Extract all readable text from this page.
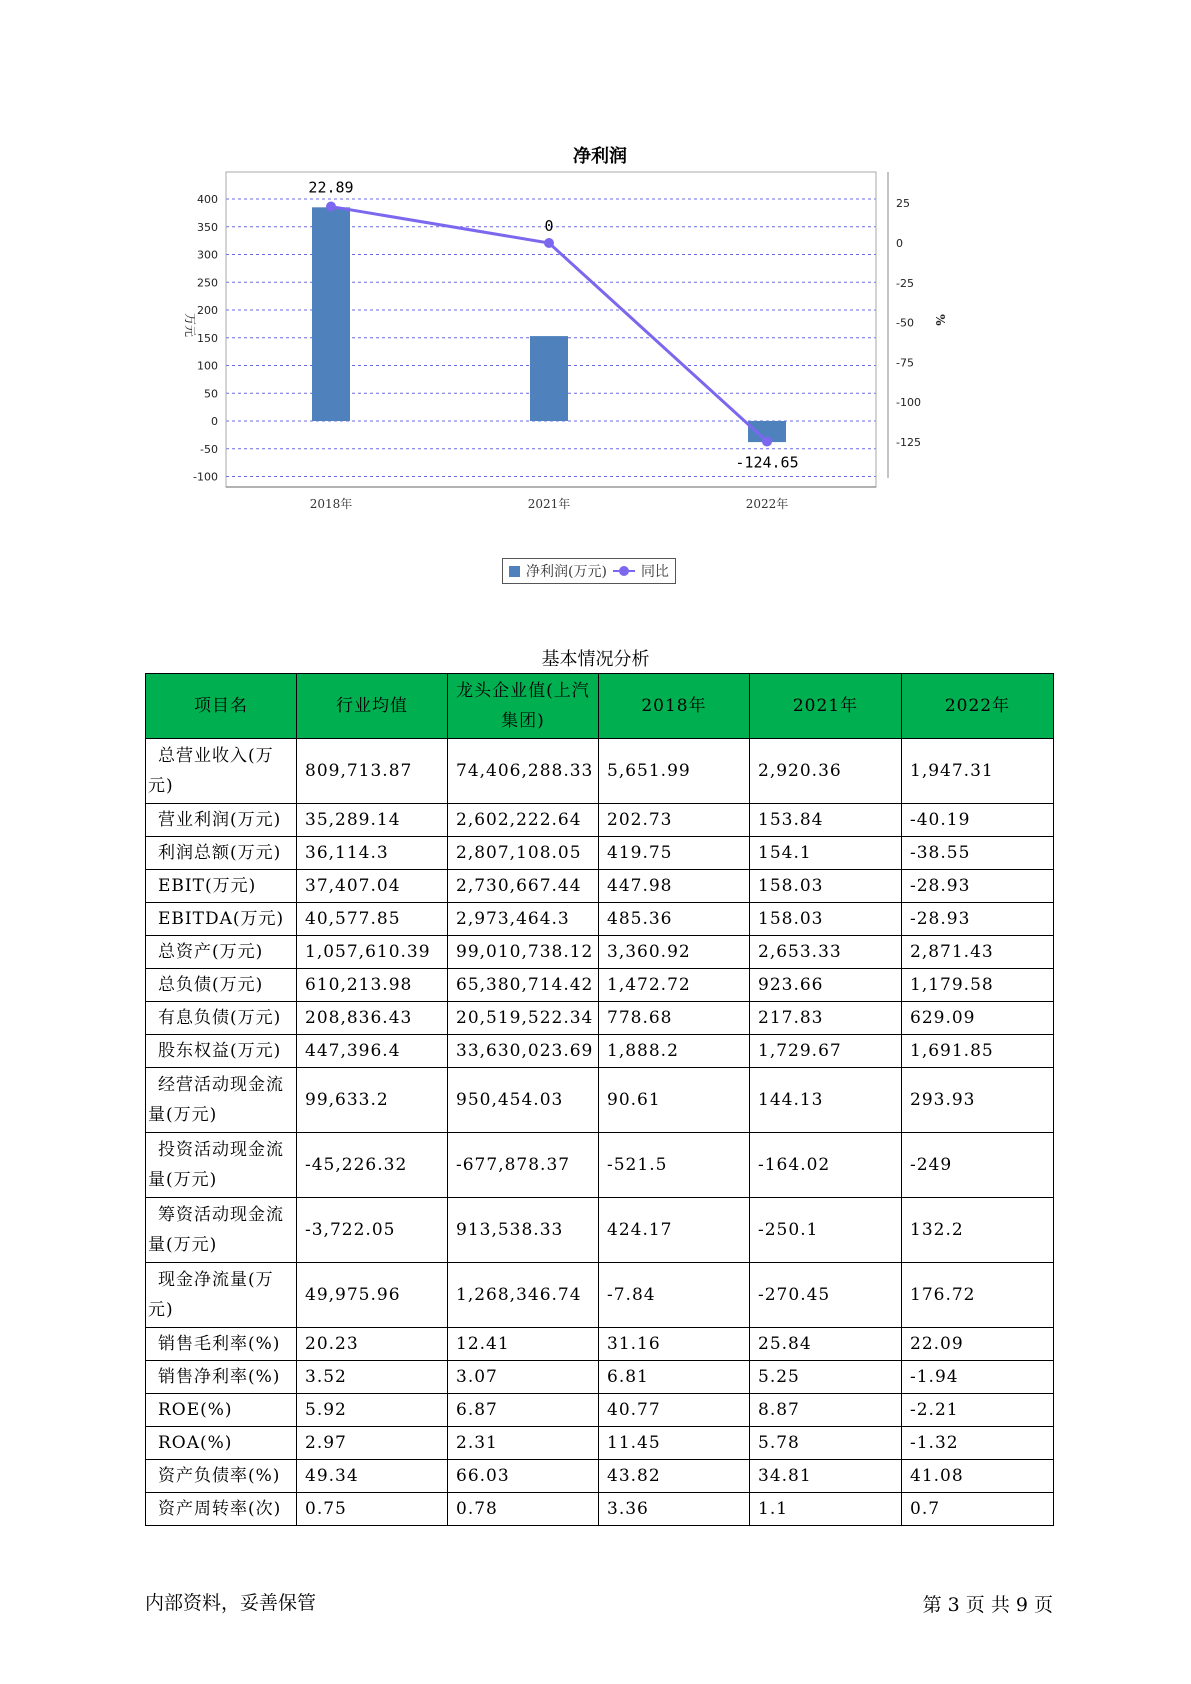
净利润
22.89
0
-124.65
400
350
300
250
200
150
100
50
0
-50
-100
25
0
-25
-50
-75
-100
-125
万元	%
2018年	2021年	2022年
净利润(万元) 同比
基本情况分析
项目名	行业均值	龙头企业值(上汽集团)	2018年	2021年	2022年
总营业收入(万元)	809,713.87	74,406,288.33	5,651.99	2,920.36	1,947.31
营业利润(万元)	35,289.14	2,602,222.64	202.73	153.84	-40.19
利润总额(万元)	36,114.3	2,807,108.05	419.75	154.1	-38.55
EBIT(万元)	37,407.04	2,730,667.44	447.98	158.03	-28.93
EBITDA(万元)	40,577.85	2,973,464.3	485.36	158.03	-28.93
总资产(万元)	1,057,610.39	99,010,738.12	3,360.92	2,653.33	2,871.43
总负债(万元)	610,213.98	65,380,714.42	1,472.72	923.66	1,179.58
有息负债(万元)	208,836.43	20,519,522.34	778.68	217.83	629.09
股东权益(万元)	447,396.4	33,630,023.69	1,888.2	1,729.67	1,691.85
经营活动现金流量(万元)	99,633.2	950,454.03	90.61	144.13	293.93
投资活动现金流量(万元)	-45,226.32	-677,878.37	-521.5	-164.02	-249
筹资活动现金流量(万元)	-3,722.05	913,538.33	424.17	-250.1	132.2
现金净流量(万元)	49,975.96	1,268,346.74	-7.84	-270.45	176.72
销售毛利率(%)	20.23	12.41	31.16	25.84	22.09
销售净利率(%)	3.52	3.07	6.81	5.25	-1.94
ROE(%)	5.92	6.87	40.77	8.87	-2.21
ROA(%)	2.97	2.31	11.45	5.78	-1.32
资产负债率(%)	49.34	66.03	43.82	34.81	41.08
资产周转率(次)	0.75	0.78	3.36	1.1	0.7
内部资料，妥善保管	第 3 页 共 9 页
